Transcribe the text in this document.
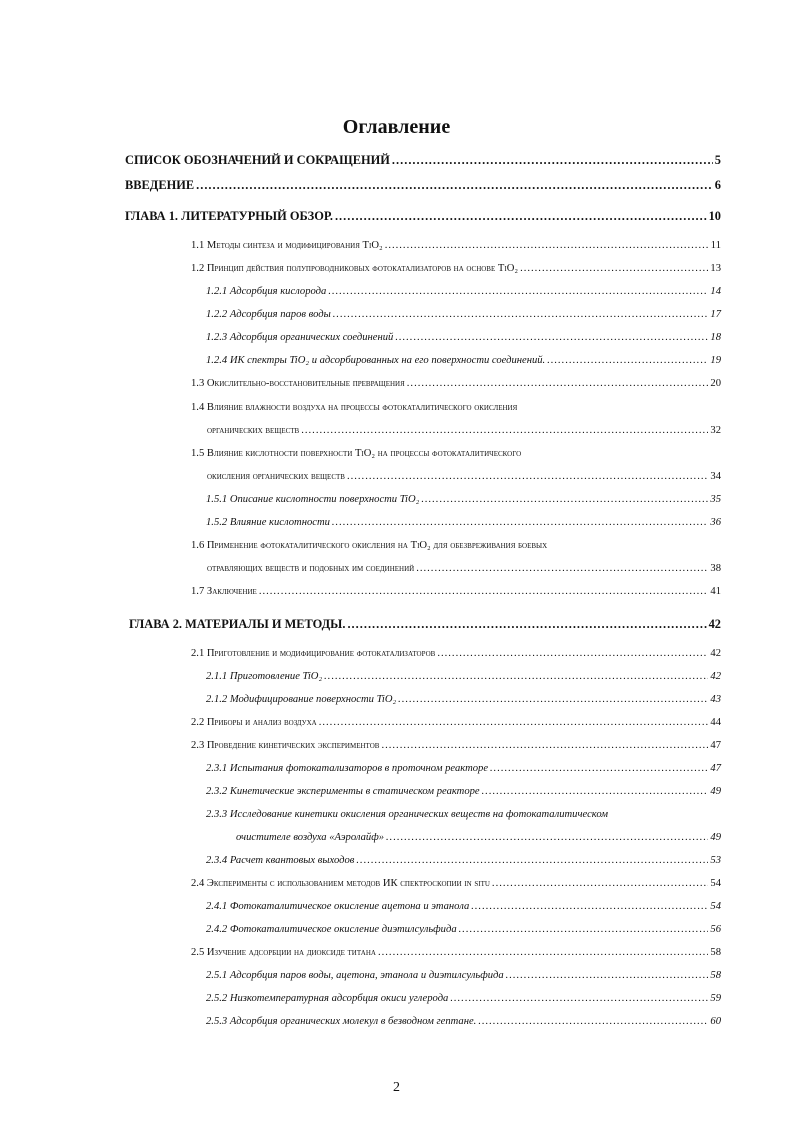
Оглавление
СПИСОК ОБОЗНАЧЕНИЙ И СОКРАЩЕНИЙ .....	5
ВВЕДЕНИЕ .....	6
ГЛАВА 1. ЛИТЕРАТУРНЫЙ ОБЗОР. .....	10
1.1 Методы синтеза и модифицирования TiO₂ .....	11
1.2 Принцип действия полупроводниковых фотокатализаторов на основе TiO₂ .....	13
1.2.1 Адсорбция кислорода .....	14
1.2.2 Адсорбция паров воды .....	17
1.2.3 Адсорбция органических соединений .....	18
1.2.4 ИК спектры TiO₂ и адсорбированных на его поверхности соединений. .....	19
1.3 Окислительно-восстановительные превращения .....	20
1.4 Влияние влажности воздуха на процессы фотокаталитического окисления
органических веществ .....	32
1.5 Влияние кислотности поверхности TiO₂ на процессы фотокаталитического
окисления органических веществ .....	34
1.5.1 Описание кислотности поверхности TiO₂ .....	35
1.5.2 Влияние кислотности .....	36
1.6 Применение фотокаталитического окисления на TiO₂ для обезвреживания боевых
отравляющих веществ и подобных им соединений .....	38
1.7 Заключение .....	41
ГЛАВА 2. МАТЕРИАЛЫ И МЕТОДЫ. .....	42
2.1 Приготовление и модифицирование фотокатализаторов .....	42
2.1.1 Приготовление TiO₂ .....	42
2.1.2 Модифицирование поверхности TiO₂ .....	43
2.2 Приборы и анализ воздуха .....	44
2.3 Проведение кинетических экспериментов .....	47
2.3.1 Испытания фотокатализаторов в проточном реакторе .....	47
2.3.2 Кинетические эксперименты в статическом реакторе .....	49
2.3.3 Исследование кинетики окисления органических веществ на фотокаталитическом
очистителе воздуха «Аэролайф» .....	49
2.3.4 Расчет квантовых выходов .....	53
2.4 Эксперименты с использованием методов ИК спектроскопии in situ .....	54
2.4.1 Фотокаталитическое окисление ацетона и этанола .....	54
2.4.2 Фотокаталитическое окисление диэтилсульфида .....	56
2.5 Изучение адсорбции на диоксиде титана .....	58
2.5.1 Адсорбция паров воды, ацетона, этанола и диэтилсульфида .....	58
2.5.2 Низкотемпературная адсорбция окиси углерода .....	59
2.5.3 Адсорбция органических молекул в безводном гептане. .....	60
2
